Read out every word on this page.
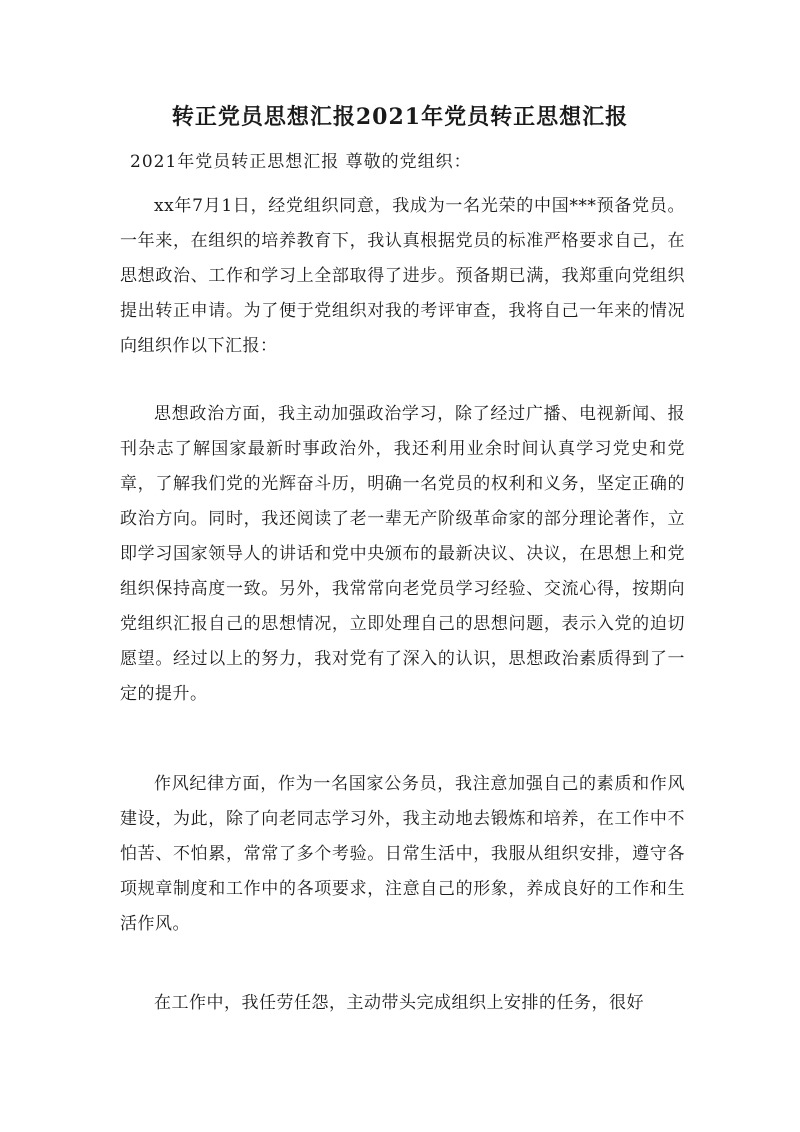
转正党员思想汇报2021年党员转正思想汇报

2021年党员转正思想汇报 尊敬的党组织：

xx年7月1日，经党组织同意，我成为一名光荣的中国***预备党员。一年来，在组织的培养教育下，我认真根据党员的标准严格要求自己，在思想政治、工作和学习上全部取得了进步。预备期已满，我郑重向党组织提出转正申请。为了便于党组织对我的考评审查，我将自己一年来的情况向组织作以下汇报：

思想政治方面，我主动加强政治学习，除了经过广播、电视新闻、报刊杂志了解国家最新时事政治外，我还利用业余时间认真学习党史和党章，了解我们党的光辉奋斗历，明确一名党员的权利和义务，坚定正确的政治方向。同时，我还阅读了老一辈无产阶级革命家的部分理论著作，立即学习国家领导人的讲话和党中央颁布的最新决议、决议，在思想上和党组织保持高度一致。另外，我常常向老党员学习经验、交流心得，按期向党组织汇报自己的思想情况，立即处理自己的思想问题，表示入党的迫切愿望。经过以上的努力，我对党有了深入的认识，思想政治素质得到了一定的提升。

作风纪律方面，作为一名国家公务员，我注意加强自己的素质和作风建设，为此，除了向老同志学习外，我主动地去锻炼和培养，在工作中不怕苦、不怕累，常常了多个考验。日常生活中，我服从组织安排，遵守各项规章制度和工作中的各项要求，注意自己的形象，养成良好的工作和生活作风。

在工作中，我任劳任怨，主动带头完成组织上安排的任务，很好
